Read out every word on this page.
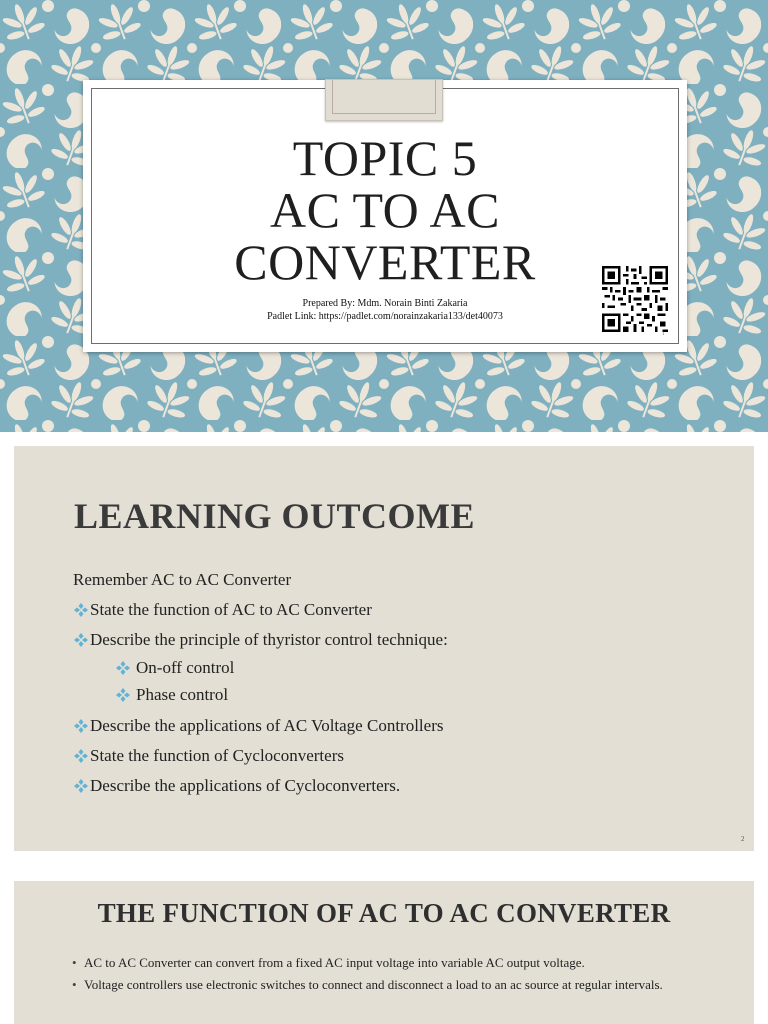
TOPIC 5
AC TO AC
CONVERTER
Prepared By: Mdm. Norain Binti Zakaria
Padlet Link: https://padlet.com/norainzakaria133/det40073
1
LEARNING OUTCOME
Remember AC to AC Converter
State the function of AC to AC Converter
Describe the principle of thyristor control technique:
On-off control
Phase control
Describe the applications of AC Voltage Controllers
State the function of Cycloconverters
Describe the applications of Cycloconverters.
2
THE FUNCTION OF AC TO AC CONVERTER
• AC to AC Converter can convert from a fixed AC input voltage into variable AC output voltage.
• Voltage controllers use electronic switches to connect and disconnect a load to an ac source at regular intervals.
